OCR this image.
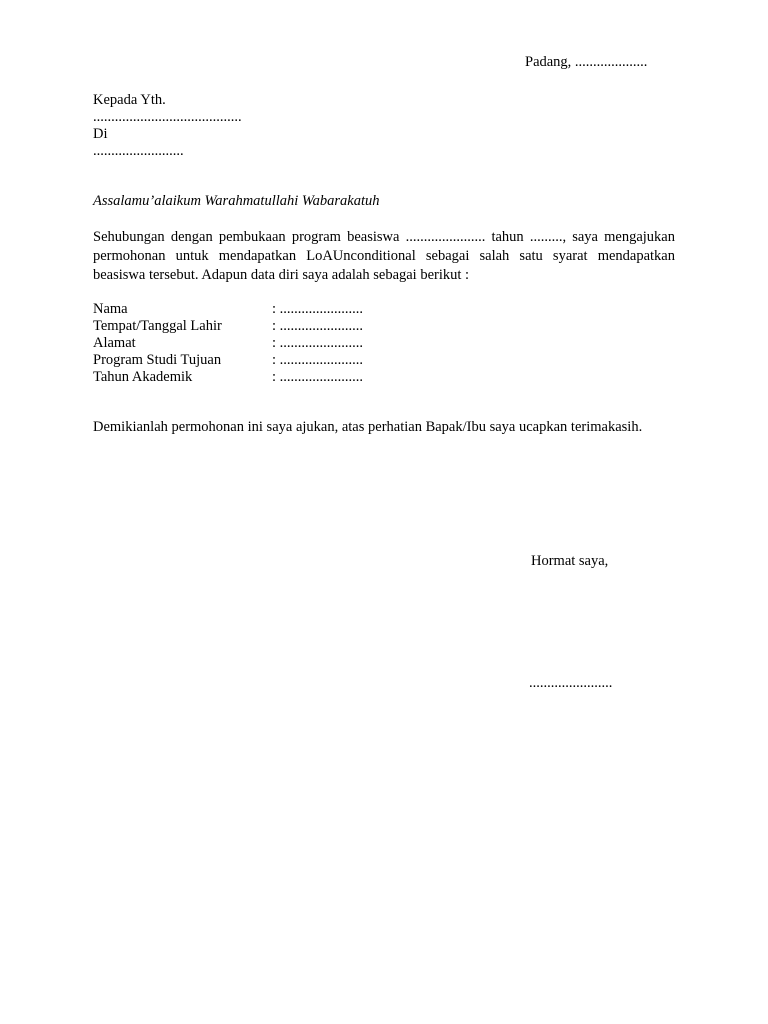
Padang, ....................
Kepada Yth.
.........................................
Di
.........................
Assalamu’alaikum Warahmatullahi Wabarakatuh
Sehubungan dengan pembukaan program beasiswa ...................... tahun ........., saya mengajukan permohonan untuk mendapatkan LoAUnconditional sebagai salah satu syarat mendapatkan beasiswa tersebut. Adapun data diri saya adalah sebagai berikut :
Nama	: .......................
Tempat/Tanggal Lahir	: .......................
Alamat	: .......................
Program Studi Tujuan	: .......................
Tahun Akademik	: .......................
Demikianlah permohonan ini saya ajukan, atas perhatian Bapak/Ibu saya ucapkan terimakasih.
Hormat saya,
.......................
